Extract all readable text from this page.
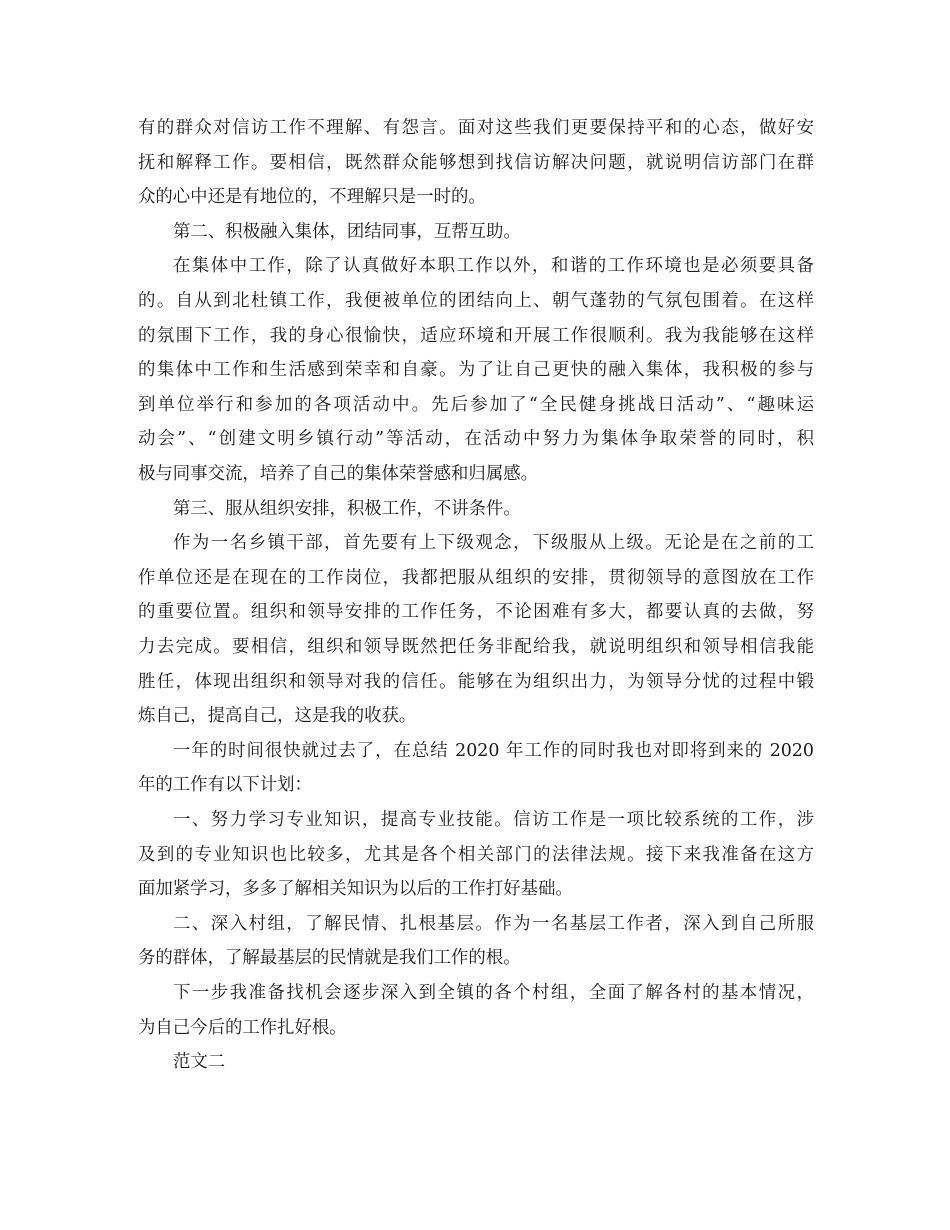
有的群众对信访工作不理解、有怨言。面对这些我们更要保持平和的心态，做好安
抚和解释工作。要相信，既然群众能够想到找信访解决问题，就说明信访部门在群
众的心中还是有地位的，不理解只是一时的。
第二、积极融入集体，团结同事，互帮互助。
在集体中工作，除了认真做好本职工作以外，和谐的工作环境也是必须要具备
的。自从到北杜镇工作，我便被单位的团结向上、朝气蓬勃的气氛包围着。在这样
的氛围下工作，我的身心很愉快，适应环境和开展工作很顺利。我为我能够在这样
的集体中工作和生活感到荣幸和自豪。为了让自己更快的融入集体，我积极的参与
到单位举行和参加的各项活动中。先后参加了“全民健身挑战日活动”、“趣味运
动会”、“创建文明乡镇行动”等活动，在活动中努力为集体争取荣誉的同时，积
极与同事交流，培养了自己的集体荣誉感和归属感。
第三、服从组织安排，积极工作，不讲条件。
作为一名乡镇干部，首先要有上下级观念，下级服从上级。无论是在之前的工
作单位还是在现在的工作岗位，我都把服从组织的安排，贯彻领导的意图放在工作
的重要位置。组织和领导安排的工作任务，不论困难有多大，都要认真的去做，努
力去完成。要相信，组织和领导既然把任务非配给我，就说明组织和领导相信我能
胜任，体现出组织和领导对我的信任。能够在为组织出力，为领导分忧的过程中锻
炼自己，提高自己，这是我的收获。
一年的时间很快就过去了，在总结 2020 年工作的同时我也对即将到来的 2020
年的工作有以下计划：
一、努力学习专业知识，提高专业技能。信访工作是一项比较系统的工作，涉
及到的专业知识也比较多，尤其是各个相关部门的法律法规。接下来我准备在这方
面加紧学习，多多了解相关知识为以后的工作打好基础。
二、深入村组，了解民情、扎根基层。作为一名基层工作者，深入到自己所服
务的群体，了解最基层的民情就是我们工作的根。
下一步我准备找机会逐步深入到全镇的各个村组，全面了解各村的基本情况，
为自己今后的工作扎好根。
范文二
